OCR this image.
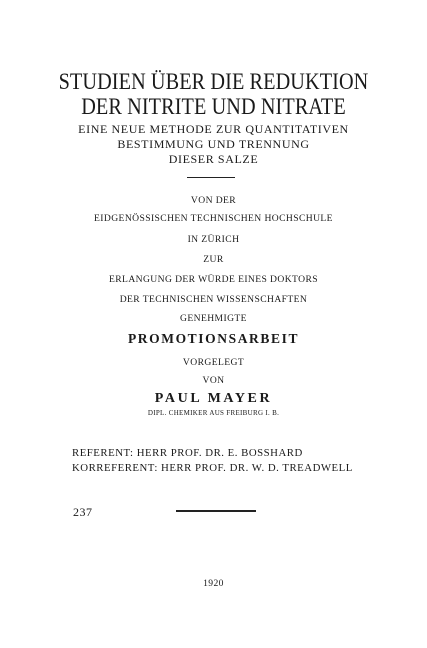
STUDIEN ÜBER DIE REDUKTION
DER NITRITE UND NITRATE
EINE NEUE METHODE ZUR QUANTITATIVEN
BESTIMMUNG UND TRENNUNG
DIESER SALZE
VON DER
EIDGENÖSSISCHEN TECHNISCHEN HOCHSCHULE
IN ZÜRICH
ZUR
ERLANGUNG DER WÜRDE EINES DOKTORS
DER TECHNISCHEN WISSENSCHAFTEN
GENEHMIGTE
PROMOTIONSARBEIT
VORGELEGT
VON
PAUL MAYER
DIPL. CHEMIKER AUS FREIBURG I. B.
REFERENT: HERR PROF. DR. E. BOSSHARD
KORREFERENT: HERR PROF. DR. W. D. TREADWELL
237
1920
